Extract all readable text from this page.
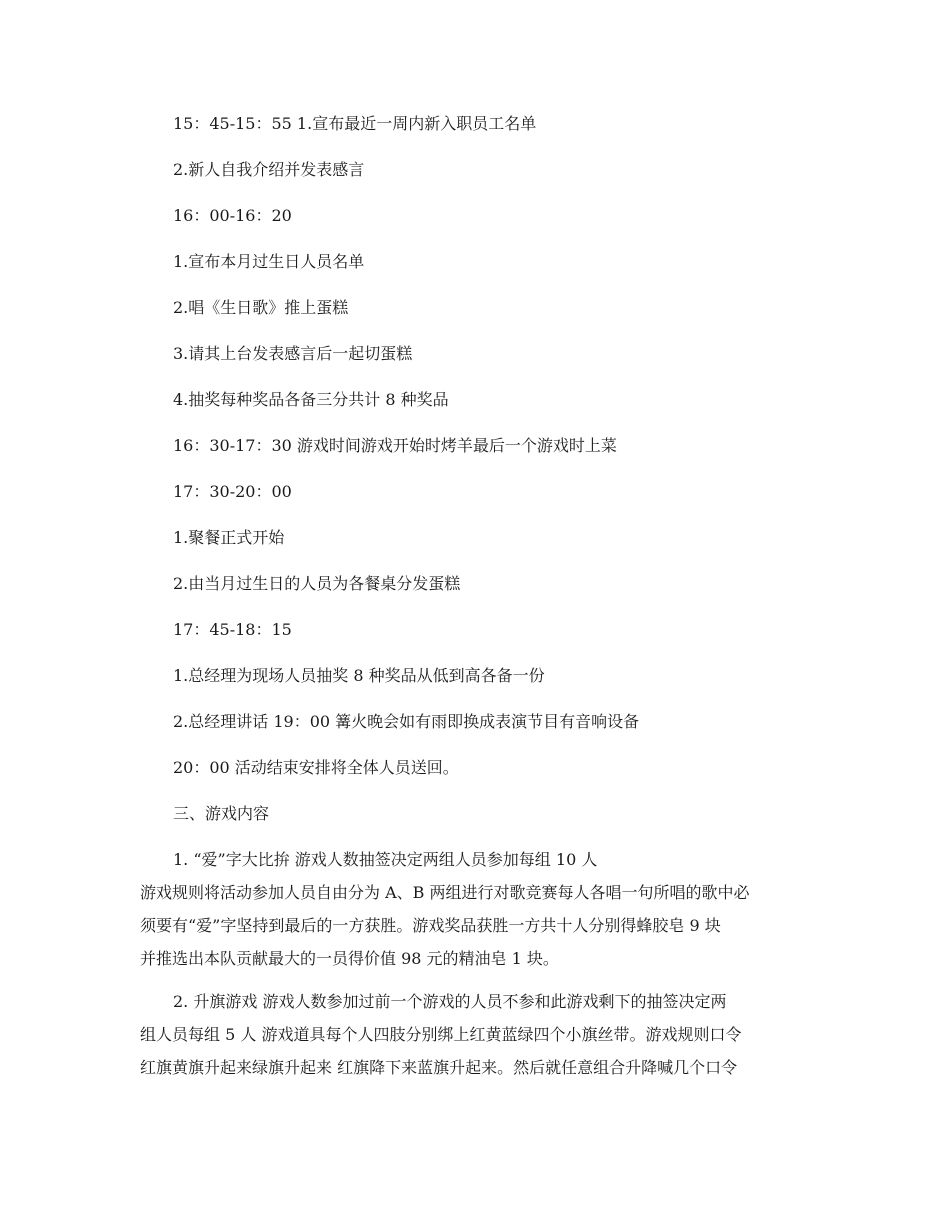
15：45-15：55 1.宣布最近一周内新入职员工名单
2.新人自我介绍并发表感言
16：00-16：20
1.宣布本月过生日人员名单
2.唱《生日歌》推上蛋糕
3.请其上台发表感言后一起切蛋糕
4.抽奖每种奖品各备三分共计 8 种奖品
16：30-17：30 游戏时间游戏开始时烤羊最后一个游戏时上菜
17：30-20：00
1.聚餐正式开始
2.由当月过生日的人员为各餐桌分发蛋糕
17：45-18：15
1.总经理为现场人员抽奖 8 种奖品从低到高各备一份
2.总经理讲话 19：00 篝火晚会如有雨即换成表演节目有音响设备
20：00 活动结束安排将全体人员送回。
三、游戏内容
1. “爱”字大比拚 游戏人数抽签决定两组人员参加每组 10 人
游戏规则将活动参加人员自由分为 A、B 两组进行对歌竞赛每人各唱一句所唱的歌中必
须要有“爱”字坚持到最后的一方获胜。游戏奖品获胜一方共十人分别得蜂胶皂 9 块
并推选出本队贡献最大的一员得价值 98 元的精油皂 1 块。
2. 升旗游戏 游戏人数参加过前一个游戏的人员不参和此游戏剩下的抽签决定两
组人员每组 5 人 游戏道具每个人四肢分别绑上红黄蓝绿四个小旗丝带。游戏规则口令
红旗黄旗升起来绿旗升起来 红旗降下来蓝旗升起来。然后就任意组合升降喊几个口令
